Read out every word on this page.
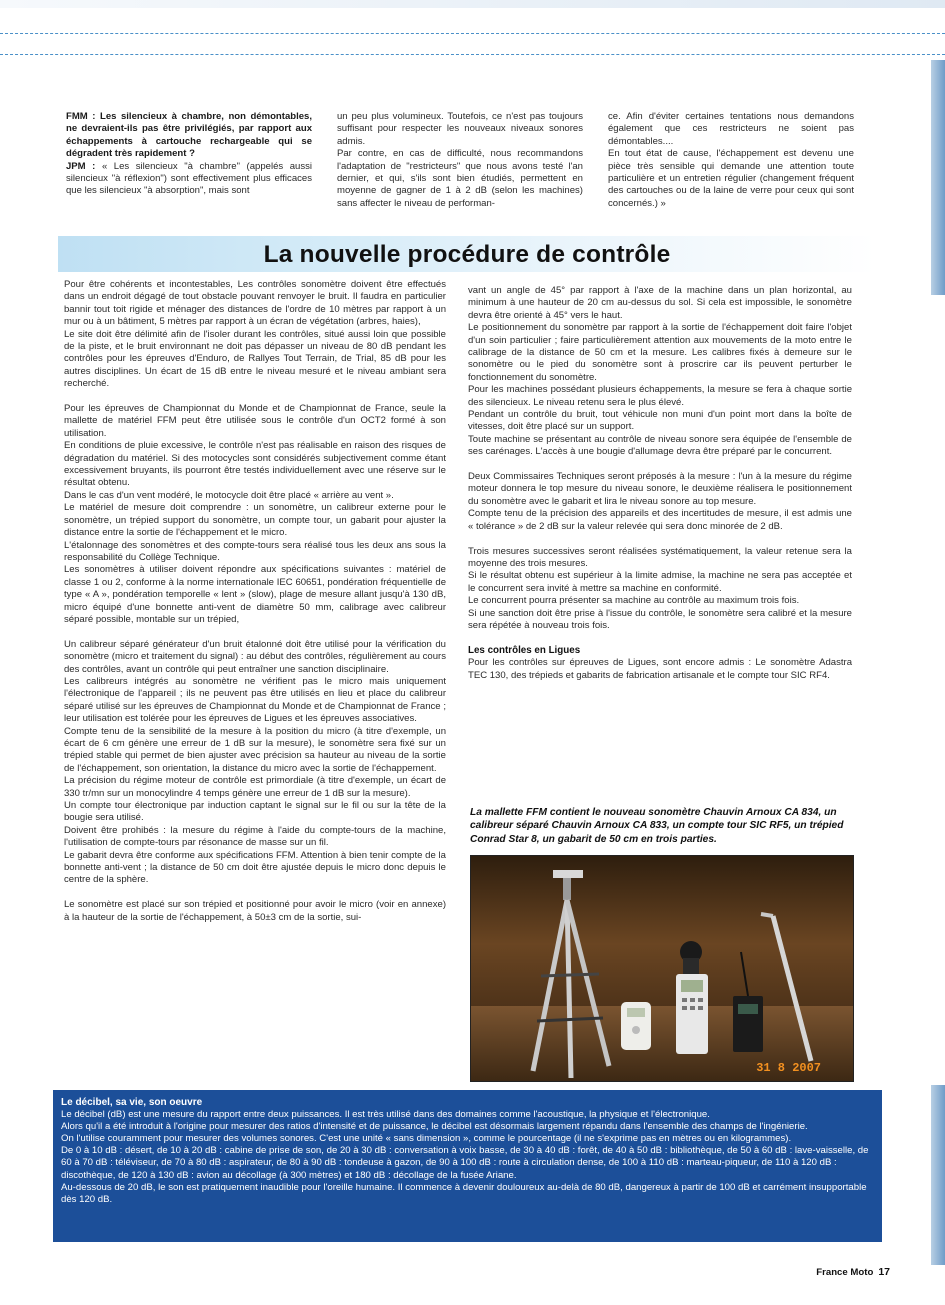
FMM : Les silencieux à chambre, non démontables, ne devraient-ils pas être privilégiés, par rapport aux échappements à cartouche rechargeable qui se dégradent très rapidement ?

JPM : « Les silencieux "à chambre" (appelés aussi silencieux "à réflexion") sont effectivement plus efficaces que les silencieux "à absorption", mais sont

un peu plus volumineux. Toutefois, ce n'est pas toujours suffisant pour respecter les nouveaux niveaux sonores admis.

Par contre, en cas de difficulté, nous recommandons l'adaptation de "restricteurs" que nous avons testé l'an dernier, et qui, s'ils sont bien étudiés, permettent en moyenne de gagner de 1 à 2 dB (selon les machines) sans affecter le niveau de performan-

ce. Afin d'éviter certaines tentations nous demandons également que ces restricteurs ne soient pas démontables....

En tout état de cause, l'échappement est devenu une pièce très sensible qui demande une attention toute particulière et un entretien régulier (changement fréquent des cartouches ou de la laine de verre pour ceux qui sont concernés.) »

La nouvelle procédure de contrôle

Pour être cohérents et incontestables, Les contrôles sonomètre doivent être effectués dans un endroit dégagé de tout obstacle pouvant renvoyer le bruit. Il faudra en particulier bannir tout toit rigide et ménager des distances de l'ordre de 10 mètres par rapport à un mur ou à un bâtiment, 5 mètres par rapport à un écran de végétation (arbres, haies),

Le site doit être délimité afin de l'isoler durant les contrôles, situé aussi loin que possible de la piste, et le bruit environnant ne doit pas dépasser un niveau de 80 dB pendant les contrôles pour les épreuves d'Enduro, de Rallyes Tout Terrain, de Trial, 85 dB pour les autres disciplines. Un écart de 15 dB entre le niveau mesuré et le niveau ambiant sera recherché.

Pour les épreuves de Championnat du Monde et de Championnat de France, seule la mallette de matériel FFM peut être utilisée sous le contrôle d'un OCT2 formé à son utilisation.

En conditions de pluie excessive, le contrôle n'est pas réalisable en raison des risques de dégradation du matériel. Si des motocycles sont considérés subjectivement comme étant excessivement bruyants, ils pourront être testés individuellement avec une réserve sur le résultat obtenu.

Dans le cas d'un vent modéré, le motocycle doit être placé « arrière au vent ».

Le matériel de mesure doit comprendre : un sonomètre, un calibreur externe pour le sonomètre, un trépied support du sonomètre, un compte tour, un gabarit pour ajuster la distance entre la sortie de l'échappement et le micro.

L'étalonnage des sonomètres et des compte-tours sera réalisé tous les deux ans sous la responsabilité du Collège Technique.

Les sonomètres à utiliser doivent répondre aux spécifications suivantes : matériel de classe 1 ou 2, conforme à la norme internationale IEC 60651, pondération fréquentielle de type « A », pondération temporelle « lent » (slow), plage de mesure allant jusqu'à 130 dB, micro équipé d'une bonnette anti-vent de diamètre 50 mm, calibrage avec calibreur séparé possible, montable sur un trépied,

Un calibreur séparé générateur d'un bruit étalonné doit être utilisé pour la vérification du sonomètre (micro et traitement du signal) : au début des contrôles, régulièrement au cours des contrôles, avant un contrôle qui peut entraîner une sanction disciplinaire.

Les calibreurs intégrés au sonomètre ne vérifient pas le micro mais uniquement l'électronique de l'appareil ; ils ne peuvent pas être utilisés en lieu et place du calibreur séparé utilisé sur les épreuves de Championnat du Monde et de Championnat de France ; leur utilisation est tolérée pour les épreuves de Ligues et les épreuves associatives.

Compte tenu de la sensibilité de la mesure à la position du micro (à titre d'exemple, un écart de 6 cm génère une erreur de 1 dB sur la mesure), le sonomètre sera fixé sur un trépied stable qui permet de bien ajuster avec précision sa hauteur au niveau de la sortie de l'échappement, son orientation, la distance du micro avec la sortie de l'échappement.

La précision du régime moteur de contrôle est primordiale (à titre d'exemple, un écart de 330 tr/mn sur un monocylindre 4 temps génère une erreur de 1 dB sur la mesure).

Un compte tour électronique par induction captant le signal sur le fil ou sur la tête de la bougie sera utilisé.

Doivent être prohibés : la mesure du régime à l'aide du compte-tours de la machine, l'utilisation de compte-tours par résonance de masse sur un fil.

Le gabarit devra être conforme aux spécifications FFM. Attention à bien tenir compte de la bonnette anti-vent ; la distance de 50 cm doit être ajustée depuis le micro donc depuis le centre de la sphère.

Le sonomètre est placé sur son trépied et positionné pour avoir le micro (voir en annexe) à la hauteur de la sortie de l'échappement, à 50±3 cm de la sortie, sui-

vant un angle de 45° par rapport à l'axe de la machine dans un plan horizontal, au minimum à une hauteur de 20 cm au-dessus du sol. Si cela est impossible, le sonomètre devra être orienté à 45° vers le haut.

Le positionnement du sonomètre par rapport à la sortie de l'échappement doit faire l'objet d'un soin particulier ; faire particulièrement attention aux mouvements de la moto entre le calibrage de la distance de 50 cm et la mesure. Les calibres fixés à demeure sur le sonomètre ou le pied du sonomètre sont à proscrire car ils peuvent perturber le fonctionnement du sonomètre.

Pour les machines possédant plusieurs échappements, la mesure se fera à chaque sortie des silencieux. Le niveau retenu sera le plus élevé.

Pendant un contrôle du bruit, tout véhicule non muni d'un point mort dans la boîte de vitesses, doit être placé sur un support.

Toute machine se présentant au contrôle de niveau sonore sera équipée de l'ensemble de ses carénages. L'accès à une bougie d'allumage devra être préparé par le concurrent.

Deux Commissaires Techniques seront préposés à la mesure : l'un à la mesure du régime moteur donnera le top mesure du niveau sonore, le deuxième réalisera le positionnement du sonomètre avec le gabarit et lira le niveau sonore au top mesure.

Compte tenu de la précision des appareils et des incertitudes de mesure, il est admis une « tolérance » de 2 dB sur la valeur relevée qui sera donc minorée de 2 dB.

Trois mesures successives seront réalisées systématiquement, la valeur retenue sera la moyenne des trois mesures.

Si le résultat obtenu est supérieur à la limite admise, la machine ne sera pas acceptée et le concurrent sera invité à mettre sa machine en conformité.

Le concurrent pourra présenter sa machine au contrôle au maximum trois fois.

Si une sanction doit être prise à l'issue du contrôle, le sonomètre sera calibré et la mesure sera répétée à nouveau trois fois.

Les contrôles en Ligues

Pour les contrôles sur épreuves de Ligues, sont encore admis : Le sonomètre Adastra TEC 130, des trépieds et gabarits de fabrication artisanale et le compte tour SIC RF4.

La mallette FFM contient le nouveau sonomètre Chauvin Arnoux CA 834, un calibreur séparé Chauvin Arnoux CA 833, un compte tour SIC RF5, un trépied Conrad Star 8, un gabarit de 50 cm en trois parties.
31 8 2007
Le décibel, sa vie, son oeuvre

Le décibel (dB) est une mesure du rapport entre deux puissances. Il est très utilisé dans des domaines comme l'acoustique, la physique et l'électronique.

Alors qu'il a été introduit à l'origine pour mesurer des ratios d'intensité et de puissance, le décibel est désormais largement répandu dans l'ensemble des champs de l'ingénierie.

On l'utilise couramment pour mesurer des volumes sonores. C'est une unité « sans dimension », comme le pourcentage (il ne s'exprime pas en mètres ou en kilogrammes).

De 0 à 10 dB : désert, de 10 à 20 dB : cabine de prise de son, de 20 à 30 dB : conversation à voix basse, de 30 à 40 dB : forêt, de 40 à 50 dB : bibliothèque, de 50 à 60 dB : lave-vaisselle, de 60 à 70 dB : téléviseur, de 70 à 80 dB : aspirateur, de 80 à 90 dB : tondeuse à gazon, de 90 à 100 dB : route à circulation dense, de 100 à 110 dB : marteau-piqueur, de 110 à 120 dB : discothèque, de 120 à 130 dB : avion au décollage (à 300 mètres) et 180 dB : décollage de la fusée Ariane.

Au-dessous de 20 dB, le son est pratiquement inaudible pour l'oreille humaine. Il commence à devenir douloureux au-delà de 80 dB, dangereux à partir de 100 dB et carrément insupportable dès 120 dB.

France Moto 17
